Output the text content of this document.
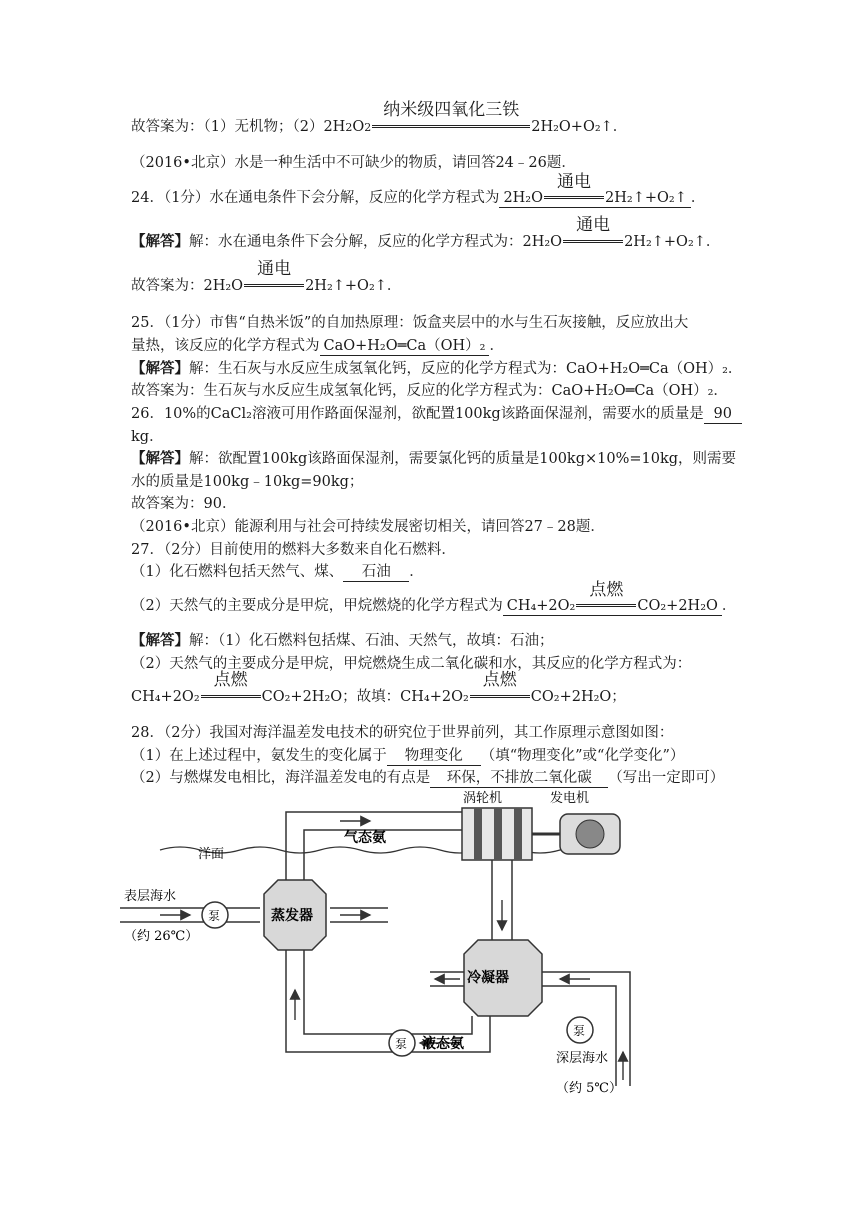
故答案为：（1）无机物；（2）2H2O2
纳米级四氧化三铁
2H₂O+O₂↑．
（2016•北京）水是一种生活中不可缺少的物质，请回答24﹣26题．
24．（1分）水在通电条件下会分解，反应的化学方程式为 2H₂O
通电
2H₂↑+O₂↑ ．
【解答】解：水在通电条件下会分解，反应的化学方程式为：2H₂O
通电
2H₂↑+O₂↑．
故答案为：2H₂O
通电
2H₂↑+O₂↑．
25．（1分）市售“自热米饭”的自加热原理：饭盒夹层中的水与生石灰接触，反应放出大
量热，该反应的化学方程式为 CaO+H₂O═Ca（OH）₂ ．
【解答】解：生石灰与水反应生成氢氧化钙，反应的化学方程式为：CaO+H₂O═Ca（OH）₂．
故答案为：生石灰与水反应生成氢氧化钙，反应的化学方程式为：CaO+H₂O═Ca（OH）₂．
26．10%的CaCl₂溶液可用作路面保湿剂，欲配置100kg该路面保湿剂，需要水的质量是 90
kg．
【解答】解：欲配置100kg该路面保湿剂，需要氯化钙的质量是100kg×10%=10kg，则需要
水的质量是100kg﹣10kg=90kg；
故答案为：90．
（2016•北京）能源利用与社会可持续发展密切相关，请回答27﹣28题．
27．（2分）目前使用的燃料大多数来自化石燃料．
（1）化石燃料包括天然气、煤、 石油 ．
（2）天然气的主要成分是甲烷，甲烷燃烧的化学方程式为 CH₄+2O₂
点燃
CO₂+2H₂O ．
【解答】解：（1）化石燃料包括煤、石油、天然气，故填：石油；
（2）天然气的主要成分是甲烷，甲烷燃烧生成二氧化碳和水，其反应的化学方程式为：
CH₄+2O₂
点燃
CO₂+2H₂O；故填：CH₄+2O₂
点燃
CO₂+2H₂O；
28．（2分）我国对海洋温差发电技术的研究位于世界前列，其工作原理示意图如图：
（1）在上述过程中，氨发生的变化属于 物理变化 （填“物理变化”或“化学变化”）
（2）与燃煤发电相比，海洋温差发电的有点是 环保，不排放二氧化碳 （写出一定即可）
涡轮机	发电机
洋面
气态氨
表层海水
（约 26℃）
泵	蒸发器
冷凝器
泵 液态氨
泵
深层海水
（约 5℃）
